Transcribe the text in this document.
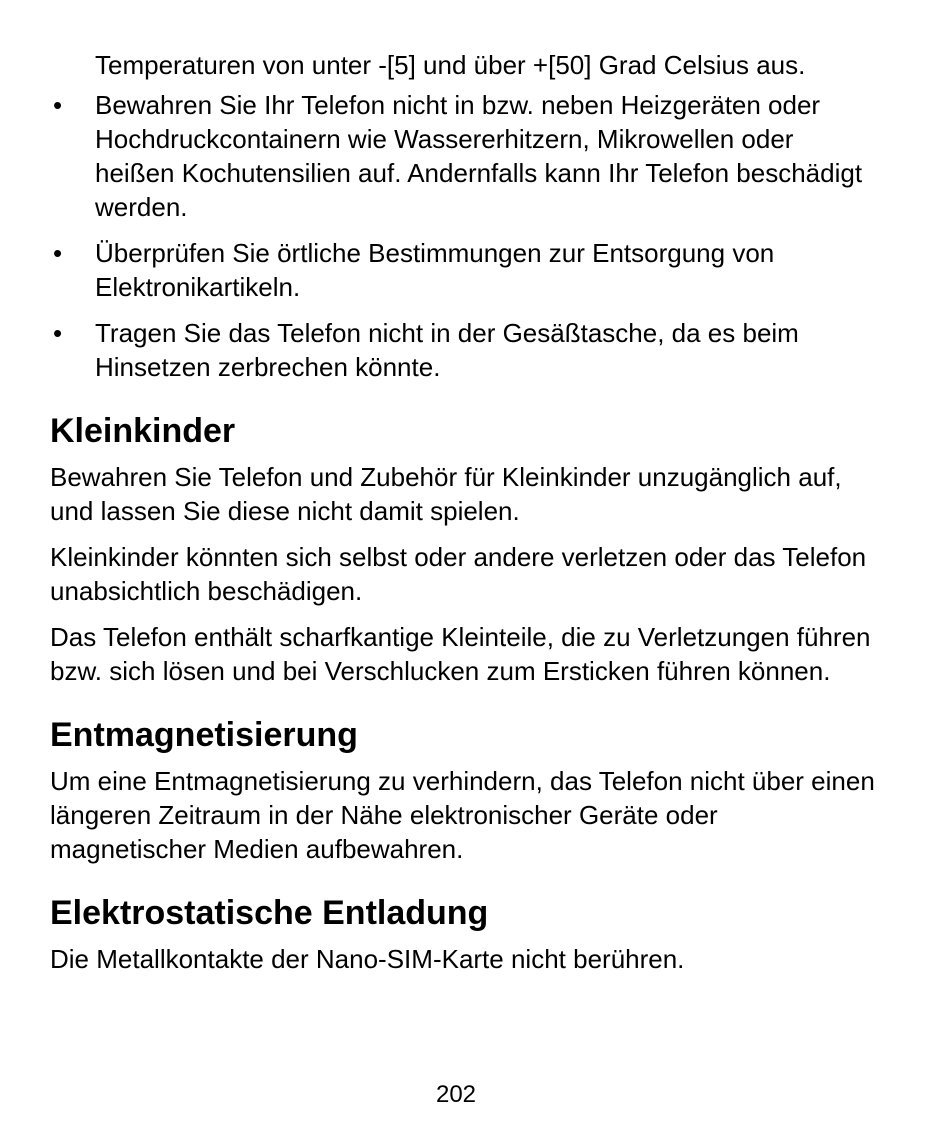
Temperaturen von unter -[5] und über +[50] Grad Celsius aus.

• Bewahren Sie Ihr Telefon nicht in bzw. neben Heizgeräten oder Hochdruckcontainern wie Wassererhitzern, Mikrowellen oder heißen Kochutensilien auf. Andernfalls kann Ihr Telefon beschädigt werden.
• Überprüfen Sie örtliche Bestimmungen zur Entsorgung von Elektronikartikeln.
• Tragen Sie das Telefon nicht in der Gesäßtasche, da es beim Hinsetzen zerbrechen könnte.
Kleinkinder

Bewahren Sie Telefon und Zubehör für Kleinkinder unzugänglich auf, und lassen Sie diese nicht damit spielen.

Kleinkinder könnten sich selbst oder andere verletzen oder das Telefon unabsichtlich beschädigen.

Das Telefon enthält scharfkantige Kleinteile, die zu Verletzungen führen bzw. sich lösen und bei Verschlucken zum Ersticken führen können.

Entmagnetisierung

Um eine Entmagnetisierung zu verhindern, das Telefon nicht über einen längeren Zeitraum in der Nähe elektronischer Geräte oder magnetischer Medien aufbewahren.

Elektrostatische Entladung

Die Metallkontakte der Nano-SIM-Karte nicht berühren.

202
